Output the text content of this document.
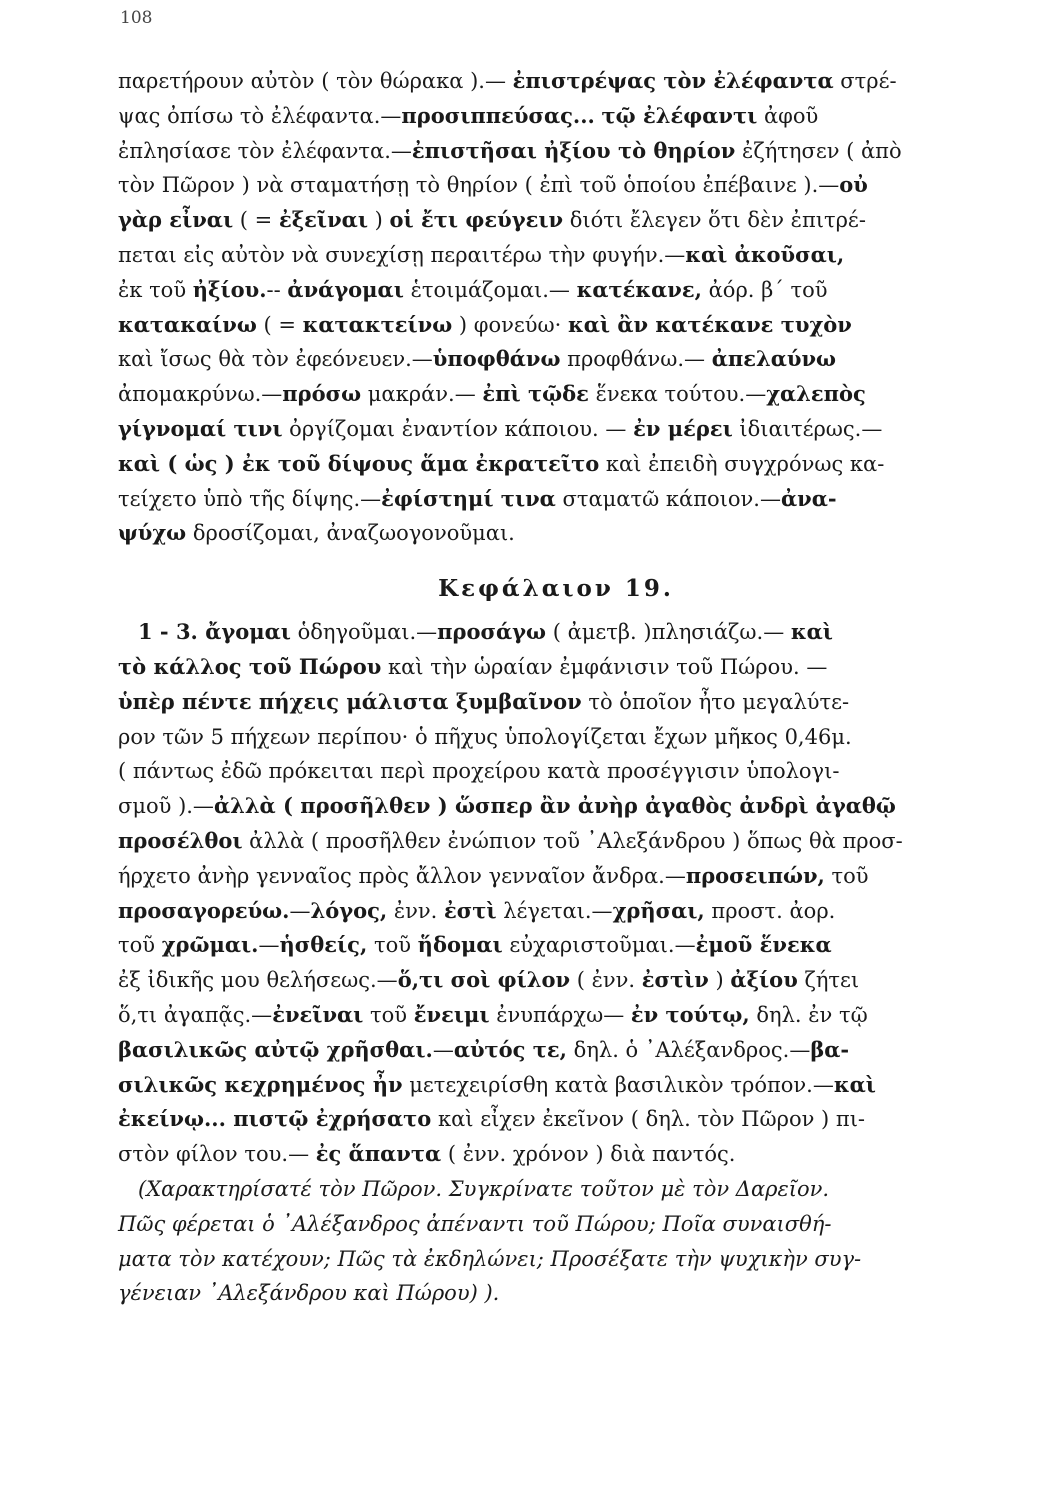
108
παρετήρουν αὐτὸν ( τὸν θώρακα ).— ἐπιστρέψας τὸν ἐλέφαντα στρέ-
ψας ὀπίσω τὸ ἐλέφαντα.—προσιππεύσας... τῷ ἐλέφαντι ἀφοῦ
ἐπλησίασε τὸν ἐλέφαντα.—ἐπιστῆσαι ἠξίου τὸ θηρίον ἐζήτησεν ( ἀπὸ
τὸν Πῶρον ) νὰ σταματήσῃ τὸ θηρίον ( ἐπὶ τοῦ ὁποίου ἐπέβαινε ).—οὐ
γὰρ εἶναι ( = ἐξεῖναι ) οἱ ἔτι φεύγειν διότι ἔλεγεν ὅτι δὲν ἐπιτρέ-
πεται εἰς αὐτὸν νὰ συνεχίσῃ περαιτέρω τὴν φυγήν.—καὶ ἀκοῦσαι,
ἐκ τοῦ ἠξίου.-- ἀνάγομαι ἑτοιμάζομαι.— κατέκανε, ἀόρ. β΄ τοῦ
κατακαίνω ( = κατακτείνω ) φονεύω· καὶ ἂν κατέκανε τυχὸν
καὶ ἴσως θὰ τὸν ἐφεόνευεν.—ὑποφθάνω προφθάνω.— ἀπελαύνω
ἀπομακρύνω.—πρόσω μακράν.— ἐπὶ τῷδε ἕνεκα τούτου.—χαλεπὸς
γίγνομαί τινι ὀργίζομαι ἐναντίον κάποιου. — ἐν μέρει ἰδιαιτέρως.—
καὶ ( ὡς ) ἐκ τοῦ δίψους ἅμα ἐκρατεῖτο καὶ ἐπειδὴ συγχρόνως κα-
τείχετο ὑπὸ τῆς δίψης.—ἐφίστημί τινα σταματῶ κάποιον.—ἀνα-
ψύχω δροσίζομαι, ἀναζωογονοῦμαι.
Κεφάλαιον 19.
1 - 3. ἄγομαι ὁδηγοῦμαι.—προσάγω ( ἀμετβ. )πλησιάζω.— καὶ
τὸ κάλλος τοῦ Πώρου καὶ τὴν ὡραίαν ἐμφάνισιν τοῦ Πώρου. —
ὑπὲρ πέντε πήχεις μάλιστα ξυμβαῖνον τὸ ὁποῖον ἦτο μεγαλύτε-
ρον τῶν 5 πήχεων περίπου· ὁ πῆχυς ὑπολογίζεται ἔχων μῆκος 0,46μ.
( πάντως ἐδῶ πρόκειται περὶ προχείρου κατὰ προσέγγισιν ὑπολογι-
σμοῦ ).—ἀλλὰ ( προσῆλθεν ) ὥσπερ ἂν ἀνὴρ ἀγαθὸς ἀνδρὶ ἀγαθῷ
προσέλθοι ἀλλὰ ( προσῆλθεν ἐνώπιον τοῦ ᾿Αλεξάνδρου ) ὅπως θὰ προσ-
ήρχετο ἀνὴρ γενναῖος πρὸς ἄλλον γενναῖον ἄνδρα.—προσειπών, τοῦ
προσαγορεύω.—λόγος, ἐνν. ἐστὶ λέγεται.—χρῆσαι, προστ. ἀορ.
τοῦ χρῶμαι.—ἡσθείς, τοῦ ἥδομαι εὐχαριστοῦμαι.—ἐμοῦ ἕνεκα
ἐξ ἰδικῆς μου θελήσεως.—ὅ,τι σοὶ φίλον ( ἐνν. ἐστὶν ) ἀξίου ζήτει
ὅ,τι ἀγαπᾷς.—ἐνεῖναι τοῦ ἔνειμι ἐνυπάρχω— ἐν τούτῳ, δηλ. ἐν τῷ
βασιλικῶς αὐτῷ χρῆσθαι.—αὐτός τε, δηλ. ὁ ᾿Αλέξανδρος.—βα-
σιλικῶς κεχρημένος ἦν μετεχειρίσθη κατὰ βασιλικὸν τρόπον.—καὶ
ἐκείνῳ... πιστῷ ἐχρήσατο καὶ εἶχεν ἐκεῖνον ( δηλ. τὸν Πῶρον ) πι-
στὸν φίλον του.— ἐς ἅπαντα ( ἐνν. χρόνον ) διὰ παντός.
(Χαρακτηρίσατέ τὸν Πῶρον. Συγκρίνατε τοῦτον μὲ τὸν Δαρεῖον.
Πῶς φέρεται ὁ ᾿Αλέξανδρος ἀπέναντι τοῦ Πώρου; Ποῖα συναισθή-
ματα τὸν κατέχουν; Πῶς τὰ ἐκδηλώνει; Προσέξατε τὴν ψυχικὴν συγ-
γένειαν ᾿Αλεξάνδρου καὶ Πώρου) ).
